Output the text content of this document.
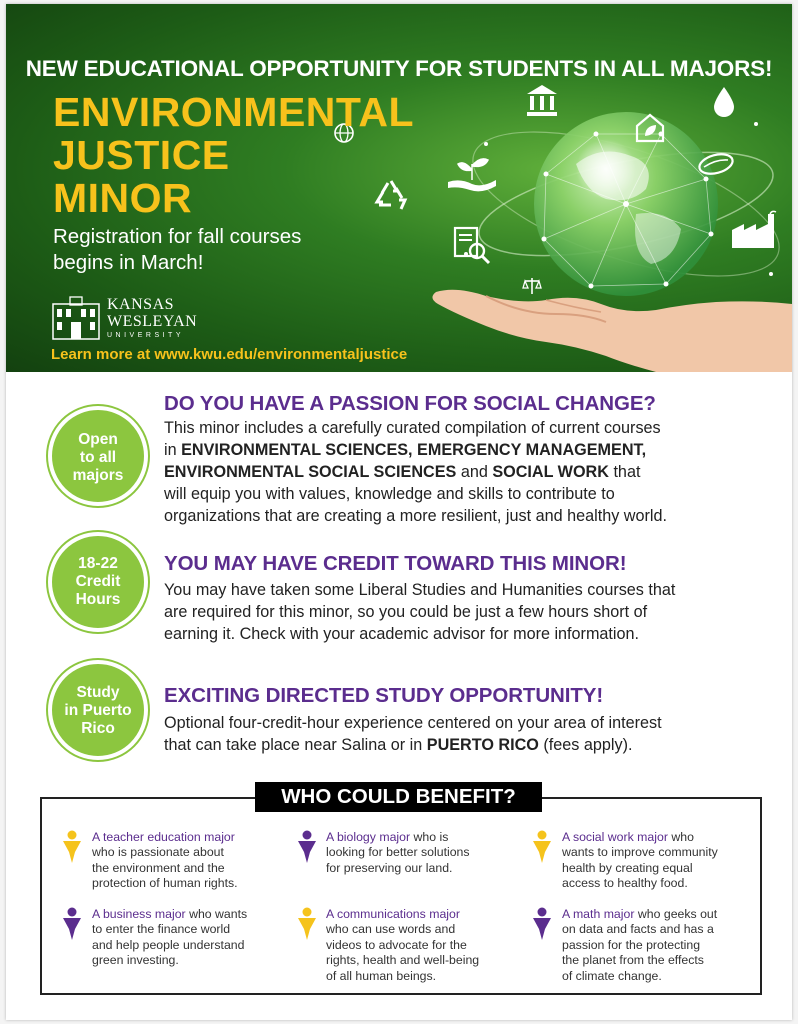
NEW EDUCATIONAL OPPORTUNITY FOR STUDENTS IN ALL MAJORS!
ENVIRONMENTAL
JUSTICE
MINOR
Registration for fall courses
begins in March!
KANSAS
WESLEYAN
UNIVERSITY
Learn more at www.kwu.edu/environmentaljustice
Open
to all
majors
DO YOU HAVE A PASSION FOR SOCIAL CHANGE?
This minor includes a carefully curated compilation of current courses
in ENVIRONMENTAL SCIENCES, EMERGENCY MANAGEMENT,
ENVIRONMENTAL SOCIAL SCIENCES and SOCIAL WORK that
will equip you with values, knowledge and skills to contribute to
organizations that are creating a more resilient, just and healthy world.
18-22
Credit
Hours
YOU MAY HAVE CREDIT TOWARD THIS MINOR!
You may have taken some Liberal Studies and Humanities courses that
are required for this minor, so you could be just a few hours short of
earning it. Check with your academic advisor for more information.
Study
in Puerto
Rico
EXCITING DIRECTED STUDY OPPORTUNITY!
Optional four-credit-hour experience centered on your area of interest
that can take place near Salina or in PUERTO RICO (fees apply).
WHO COULD BENEFIT?
A teacher education major
who is passionate about
the environment and the
protection of human rights.
A business major who wants
to enter the finance world
and help people understand
green investing.
A biology major who is
looking for better solutions
for preserving our land.
A communications major
who can use words and
videos to advocate for the
rights, health and well-being
of all human beings.
A social work major who
wants to improve community
health by creating equal
access to healthy food.
A math major who geeks out
on data and facts and has a
passion for the protecting
the planet from the effects
of climate change.
